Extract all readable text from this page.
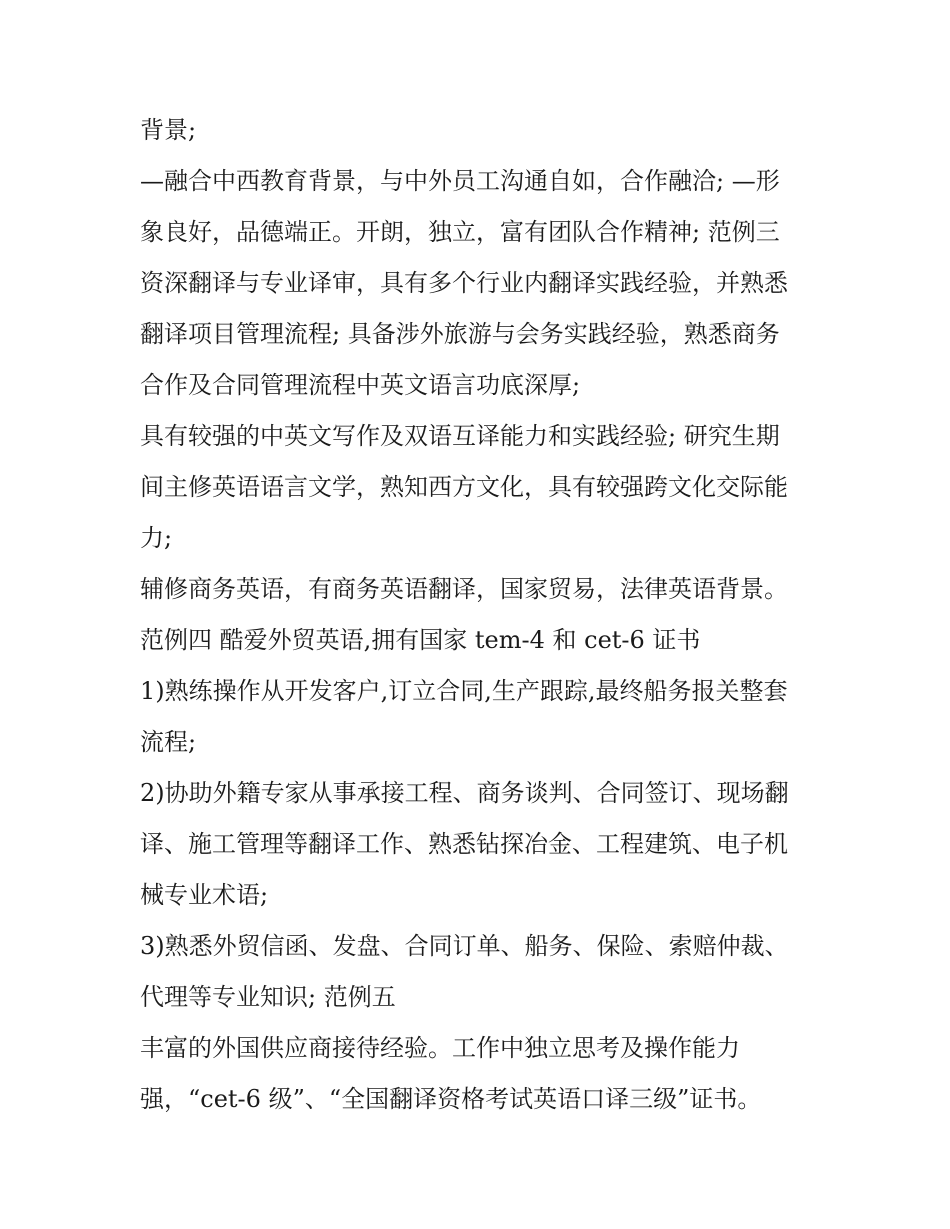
背景;

—融合中西教育背景，与中外员工沟通自如，合作融洽; —形

象良好，品德端正。开朗，独立，富有团队合作精神; 范例三

资深翻译与专业译审，具有多个行业内翻译实践经验，并熟悉

翻译项目管理流程; 具备涉外旅游与会务实践经验，熟悉商务

合作及合同管理流程中英文语言功底深厚;

具有较强的中英文写作及双语互译能力和实践经验; 研究生期

间主修英语语言文学，熟知西方文化，具有较强跨文化交际能

力;

辅修商务英语，有商务英语翻译，国家贸易，法律英语背景。

范例四 酷爱外贸英语,拥有国家 tem-4 和 cet-6 证书

1)熟练操作从开发客户,订立合同,生产跟踪,最终船务报关整套

流程;

2)协助外籍专家从事承接工程、商务谈判、合同签订、现场翻

译、施工管理等翻译工作、熟悉钻探冶金、工程建筑、电子机

械专业术语;

3)熟悉外贸信函、发盘、合同订单、船务、保险、索赔仲裁、

代理等专业知识; 范例五

丰富的外国供应商接待经验。工作中独立思考及操作能力

强，“cet-6 级”、“全国翻译资格考试英语口译三级”证书。
